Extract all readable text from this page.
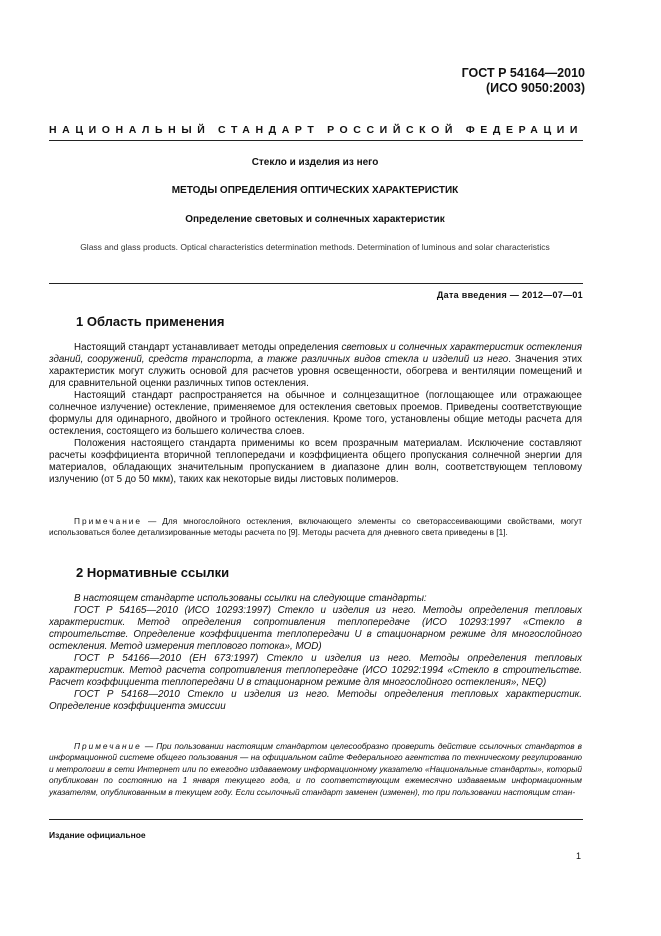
ГОСТ Р 54164—2010
(ИСО 9050:2003)
НАЦИОНАЛЬНЫЙ СТАНДАРТ РОССИЙСКОЙ ФЕДЕРАЦИИ
Стекло и изделия из него
МЕТОДЫ ОПРЕДЕЛЕНИЯ ОПТИЧЕСКИХ ХАРАКТЕРИСТИК
Определение световых и солнечных характеристик
Glass and glass products. Optical characteristics determination methods. Determination of luminous and solar characteristics
Дата введения — 2012—07—01
1 Область применения

Настоящий стандарт устанавливает методы определения световых и солнечных характеристик остекления зданий, сооружений, средств транспорта, а также различных видов стекла и изделий из него. Значения этих характеристик могут служить основой для расчетов уровня освещенности, обогрева и вентиляции помещений и для сравнительной оценки различных типов остекления.

Настоящий стандарт распространяется на обычное и солнцезащитное (поглощающее или отражающее солнечное излучение) остекление, применяемое для остекления световых проемов. Приведены соответствующие формулы для одинарного, двойного и тройного остекления. Кроме того, установлены общие методы расчета для остекления, состоящего из большего количества слоев.

Положения настоящего стандарта применимы ко всем прозрачным материалам. Исключение составляют расчеты коэффициента вторичной теплопередачи и коэффициента общего пропускания солнечной энергии для материалов, обладающих значительным пропусканием в диапазоне длин волн, соответствующем тепловому излучению (от 5 до 50 мкм), таких как некоторые виды листовых полимеров.

Примечание — Для многослойного остекления, включающего элементы со светорассеивающими свойствами, могут использоваться более детализированные методы расчета по [9]. Методы расчета для дневного света приведены в [1].

2 Нормативные ссылки

В настоящем стандарте использованы ссылки на следующие стандарты:

ГОСТ Р 54165—2010 (ИСО 10293:1997) Стекло и изделия из него. Методы определения тепловых характеристик. Метод определения сопротивления теплопередаче (ИСО 10293:1997 «Стекло в строительстве. Определение коэффициента теплопередачи U в стационарном режиме для многослойного остекления. Метод измерения теплового потока», MOD)

ГОСТ Р 54166—2010 (ЕН 673:1997) Стекло и изделия из него. Методы определения тепловых характеристик. Метод расчета сопротивления теплопередаче (ИСО 10292:1994 «Стекло в строительстве. Расчет коэффициента теплопередачи U в стационарном режиме для многослойного остекления», NEQ)

ГОСТ Р 54168—2010 Стекло и изделия из него. Методы определения тепловых характеристик. Определение коэффициента эмиссии

Примечание — При пользовании настоящим стандартом целесообразно проверить действие ссылочных стандартов в информационной системе общего пользования — на официальном сайте Федерального агентства по техническому регулированию и метрологии в сети Интернет или по ежегодно издаваемому информационному указателю «Национальные стандарты», который опубликован по состоянию на 1 января текущего года, и по соответствующим ежемесячно издаваемым информационным указателям, опубликованным в текущем году. Если ссылочный стандарт заменен (изменен), то при пользовании настоящим стан-

Издание официальное
1
